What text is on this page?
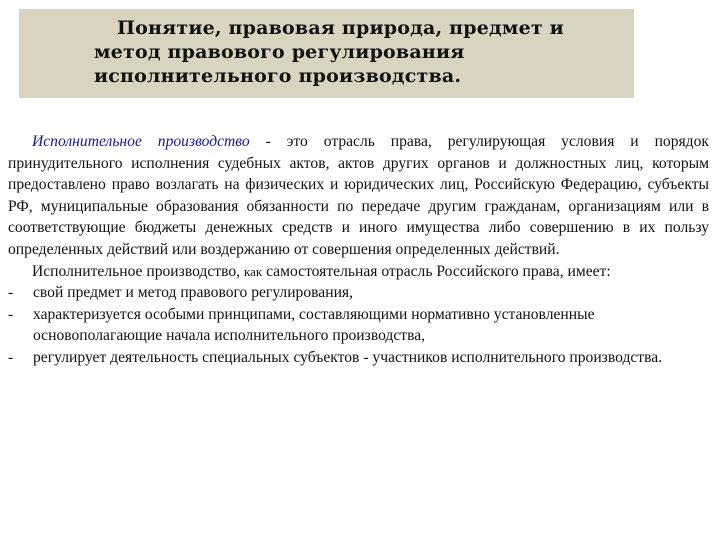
Понятие, правовая природа, предмет и
метод правового регулирования
исполнительного производства.

Исполнительное производство - это отрасль права, регулирующая условия и порядок принудительного исполнения судебных актов, актов других органов и должностных лиц, которым предоставлено право возлагать на физических и юридических лиц, Российскую Федерацию, субъекты РФ, муниципальные образования обязанности по передаче другим гражданам, организациям или в соответствующие бюджеты денежных средств и иного имущества либо совершению в их пользу определенных действий или воздержанию от совершения определенных действий.

Исполнительное производство, как самостоятельная отрасль Российского права, имеет:

- свой предмет и метод правового регулирования,

- характеризуется особыми принципами, составляющими нормативно установленные основополагающие начала исполнительного производства,

- регулирует деятельность специальных субъектов - участников исполнительного производства.
